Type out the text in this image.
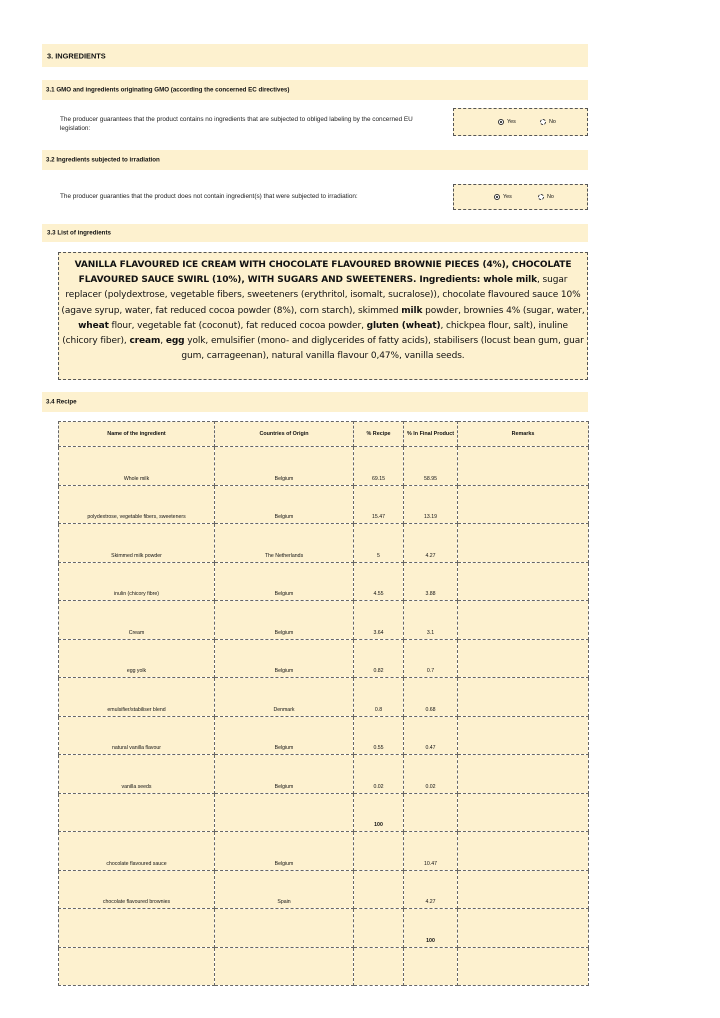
3. INGREDIENTS
3.1 GMO and ingredients originating GMO (according the concerned EC directives)
The producer guarantees that the product contains no ingredients that are subjected to obliged labeling by the concerned EU
legislation:
Yes	No
3.2 Ingredients subjected to irradiation
The producer guaranties that the product does not contain ingredient(s) that were subjected to irradiation:	Yes	No
3.3 List of ingredients
VANILLA FLAVOURED ICE CREAM WITH CHOCOLATE FLAVOURED BROWNIE PIECES (4%), CHOCOLATE FLAVOURED SAUCE SWIRL (10%), WITH SUGARS AND SWEETENERS. Ingredients: whole milk, sugar replacer (polydextrose, vegetable fibers, sweeteners (erythritol, isomalt, sucralose)), chocolate flavoured sauce 10% (agave syrup, water, fat reduced cocoa powder (8%), corn starch), skimmed milk powder, brownies 4% (sugar, water, wheat flour, vegetable fat (coconut), fat reduced cocoa powder, gluten (wheat), chickpea flour, salt), inuline (chicory fiber), cream, egg yolk, emulsifier (mono- and diglycerides of fatty acids), stabilisers (locust bean gum, guar gum, carrageenan), natural vanilla flavour 0,47%, vanilla seeds.
3.4 Recipe
Name of the ingredient	Countries of Origin	% Recipe	% In Final Product	Remarks

Whole milk	Belgium	69.15	58.95	

polydextrose, vegetable fibers, sweeteners	Belgium	15.47	13.19	

Skimmed milk powder	The Netherlands	5	4.27	

inulin (chicory fibre)	Belgium	4.55	3.88	

Cream	Belgium	3.64	3.1	

egg yolk	Belgium	0.82	0.7	

emulsifier/stabiliser blend	Denmark	0.8	0.68	

natural vanilla flavour	Belgium	0.55	0.47	

vanilla seeds	Belgium	0.02	0.02	

		100		

chocolate flavoured sauce	Belgium		10.47	

chocolate flavoured brownies	Spain		4.27	

			100	
